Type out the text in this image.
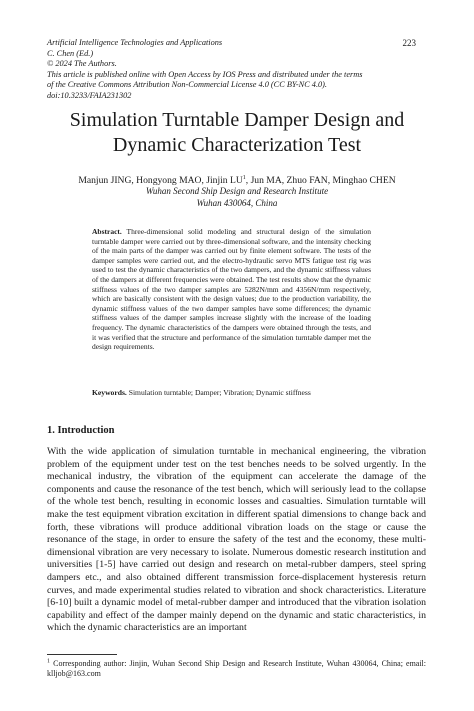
Artificial Intelligence Technologies and Applications
C. Chen (Ed.)
© 2024 The Authors.
This article is published online with Open Access by IOS Press and distributed under the terms
of the Creative Commons Attribution Non-Commercial License 4.0 (CC BY-NC 4.0).
doi:10.3233/FAIA231302
223
Simulation Turntable Damper Design and
Dynamic Characterization Test
Manjun JING, Hongyong MAO, Jinjin $LU^1$, Jun MA, Zhuo FAN, Minghao CHEN
Wuhan Second Ship Design and Research Institute
Wuhan 430064, China
Abstract. Three-dimensional solid modeling and structural design of the simulation turntable damper were carried out by three-dimensional software, and the intensity checking of the main parts of the damper was carried out by finite element software. The tests of the damper samples were carried out, and the electro-hydraulic servo MTS fatigue test rig was used to test the dynamic characteristics of the two dampers, and the dynamic stiffness values of the dampers at different frequencies were obtained. The test results show that the dynamic stiffness values of the two damper samples are 5282N/mm and 4356N/mm respectively, which are basically consistent with the design values; due to the production variability, the dynamic stiffness values of the two damper samples have some differences; the dynamic stiffness values of the damper samples increase slightly with the increase of the loading frequency. The dynamic characteristics of the dampers were obtained through the tests, and it was verified that the structure and performance of the simulation turntable damper met the design requirements.
Keywords. Simulation turntable; Damper; Vibration; Dynamic stiffness
1. Introduction
With the wide application of simulation turntable in mechanical engineering, the vibration problem of the equipment under test on the test benches needs to be solved urgently. In the mechanical industry, the vibration of the equipment can accelerate the damage of the components and cause the resonance of the test bench, which will seriously lead to the collapse of the whole test bench, resulting in economic losses and casualties. Simulation turntable will make the test equipment vibration excitation in different spatial dimensions to change back and forth, these vibrations will produce additional vibration loads on the stage or cause the resonance of the stage, in order to ensure the safety of the test and the economy, these multi-dimensional vibration are very necessary to isolate. Numerous domestic research institution and universities [1-5] have carried out design and research on metal-rubber dampers, steel spring dampers etc., and also obtained different transmission force-displacement hysteresis return curves, and made experimental studies related to vibration and shock characteristics. Literature [6-10] built a dynamic model of metal-rubber damper and introduced that the vibration isolation capability and effect of the damper mainly depend on the dynamic and static characteristics, in which the dynamic characteristics are an important
$^1$ Corresponding author: Jinjin, Wuhan Second Ship Design and Research Institute, Wuhan 430064, China; email: klljob@163.com
